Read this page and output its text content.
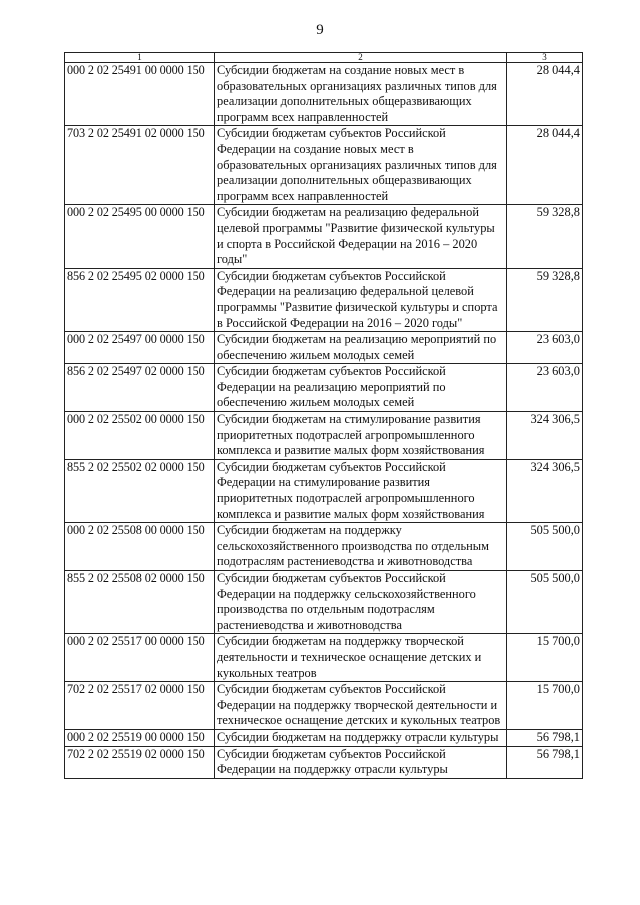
9
1	2	3
000 2 02 25491 00 0000 150	Субсидии бюджетам на создание новых мест в образовательных организациях различных типов для реализации дополнительных общеразвивающих программ всех направленностей	28 044,4
703 2 02 25491 02 0000 150	Субсидии бюджетам субъектов Российской Федерации на создание новых мест в образовательных организациях различных типов для реализации дополнительных общеразвивающих программ всех направленностей	28 044,4
000 2 02 25495 00 0000 150	Субсидии бюджетам на реализацию федеральной целевой программы "Развитие физической культуры и спорта в Российской Федерации на 2016 – 2020 годы"	59 328,8
856 2 02 25495 02 0000 150	Субсидии бюджетам субъектов Российской Федерации на реализацию федеральной целевой программы "Развитие физической культуры и спорта в Российской Федерации на 2016 – 2020 годы"	59 328,8
000 2 02 25497 00 0000 150	Субсидии бюджетам на реализацию мероприятий по обеспечению жильем молодых семей	23 603,0
856 2 02 25497 02 0000 150	Субсидии бюджетам субъектов Российской Федерации на реализацию мероприятий по обеспечению жильем молодых семей	23 603,0
000 2 02 25502 00 0000 150	Субсидии бюджетам на стимулирование развития приоритетных подотраслей агропромышленного комплекса и развитие малых форм хозяйствования	324 306,5
855 2 02 25502 02 0000 150	Субсидии бюджетам субъектов Российской Федерации на стимулирование развития приоритетных подотраслей агропромышленного комплекса и развитие малых форм хозяйствования	324 306,5
000 2 02 25508 00 0000 150	Субсидии бюджетам на поддержку сельскохозяйственного производства по отдельным подотраслям растениеводства и животноводства	505 500,0
855 2 02 25508 02 0000 150	Субсидии бюджетам субъектов Российской Федерации на поддержку сельскохозяйственного производства по отдельным подотраслям растениеводства и животноводства	505 500,0
000 2 02 25517 00 0000 150	Субсидии бюджетам на поддержку творческой деятельности и техническое оснащение детских и кукольных театров	15 700,0
702 2 02 25517 02 0000 150	Субсидии бюджетам субъектов Российской Федерации на поддержку творческой деятельности и техническое оснащение детских и кукольных театров	15 700,0
000 2 02 25519 00 0000 150	Субсидии бюджетам на поддержку отрасли культуры	56 798,1
702 2 02 25519 02 0000 150	Субсидии бюджетам субъектов Российской Федерации на поддержку отрасли культуры	56 798,1
